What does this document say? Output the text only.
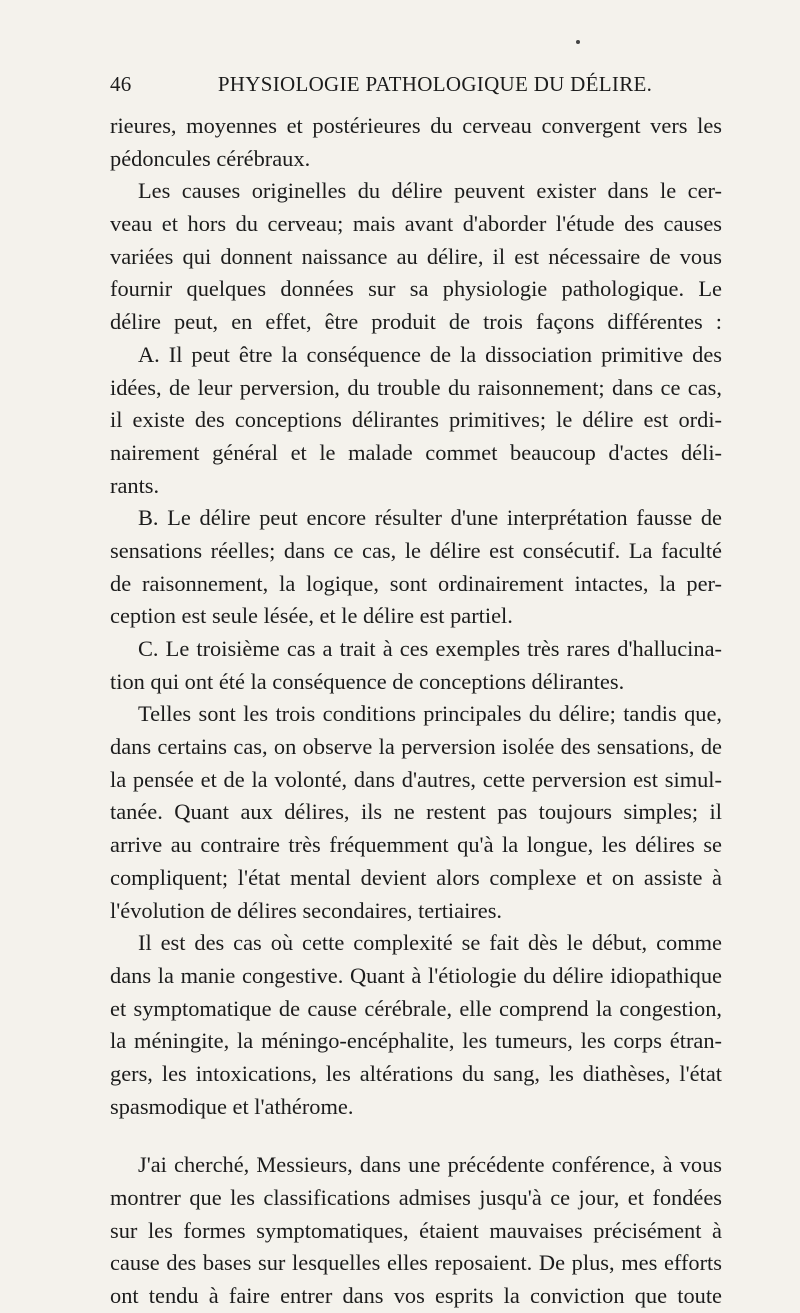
46	PHYSIOLOGIE PATHOLOGIQUE DU DÉLIRE.
rieures, moyennes et postérieures du cerveau convergent vers les
pédoncules cérébraux.
Les causes originelles du délire peuvent exister dans le cer-
veau et hors du cerveau; mais avant d'aborder l'étude des causes
variées qui donnent naissance au délire, il est nécessaire de vous
fournir quelques données sur sa physiologie pathologique. Le
délire peut, en effet, être produit de trois façons différentes :
A. Il peut être la conséquence de la dissociation primitive des
idées, de leur perversion, du trouble du raisonnement; dans ce cas,
il existe des conceptions délirantes primitives; le délire est ordi-
nairement général et le malade commet beaucoup d'actes déli-
rants.
B. Le délire peut encore résulter d'une interprétation fausse de
sensations réelles; dans ce cas, le délire est consécutif. La faculté
de raisonnement, la logique, sont ordinairement intactes, la per-
ception est seule lésée, et le délire est partiel.
C. Le troisième cas a trait à ces exemples très rares d'hallucina-
tion qui ont été la conséquence de conceptions délirantes.
Telles sont les trois conditions principales du délire; tandis que,
dans certains cas, on observe la perversion isolée des sensations, de
la pensée et de la volonté, dans d'autres, cette perversion est simul-
tanée. Quant aux délires, ils ne restent pas toujours simples; il
arrive au contraire très fréquemment qu'à la longue, les délires se
compliquent; l'état mental devient alors complexe et on assiste à
l'évolution de délires secondaires, tertiaires.
Il est des cas où cette complexité se fait dès le début, comme
dans la manie congestive. Quant à l'étiologie du délire idiopathique
et symptomatique de cause cérébrale, elle comprend la congestion,
la méningite, la méningo-encéphalite, les tumeurs, les corps étran-
gers, les intoxications, les altérations du sang, les diathèses, l'état
spasmodique et l'athérome.
J'ai cherché, Messieurs, dans une précédente conférence, à vous
montrer que les classifications admises jusqu'à ce jour, et fondées
sur les formes symptomatiques, étaient mauvaises précisément à
cause des bases sur lesquelles elles reposaient. De plus, mes efforts
ont tendu à faire entrer dans vos esprits la conviction que toute
